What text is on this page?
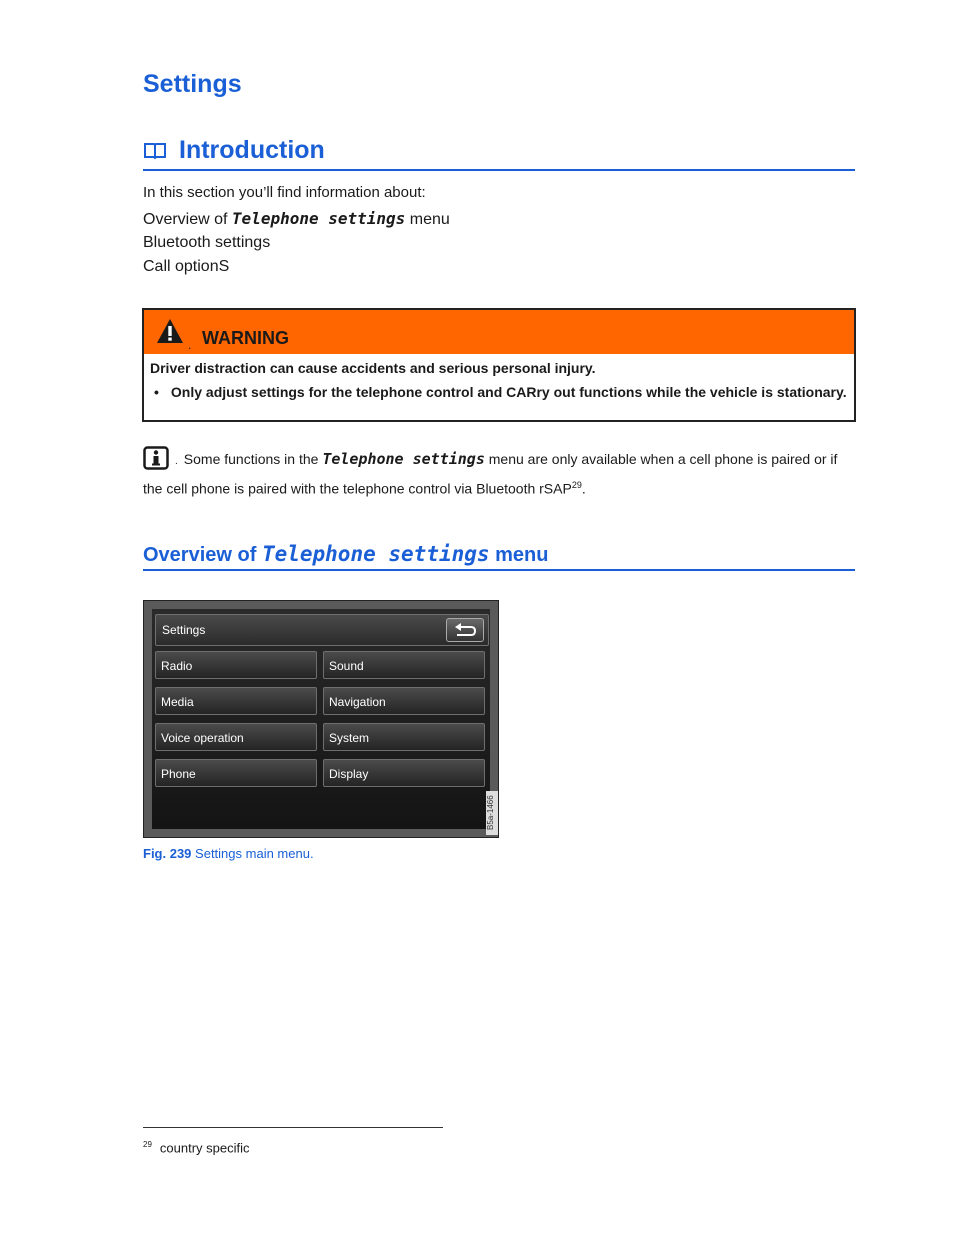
Settings
Introduction
In this section you’ll find information about:
Overview of Telephone settings menu
Bluetooth settings
Call optionS
. WARNING

Driver distraction can cause accidents and serious personal injury.

• Only adjust settings for the telephone control and CARry out functions while the vehicle is stationary.

. Some functions in the Telephone settings menu are only available when a cell phone is paired or if the cell phone is paired with the telephone control via Bluetooth rSAP$^{29}$.
Overview of Telephone settings menu
Settings
Radio	Sound
Media	Navigation
Voice operation	System
Phone	Display
B5a-1466
Fig. 239 Settings main menu.
$^{29}$ country specific
